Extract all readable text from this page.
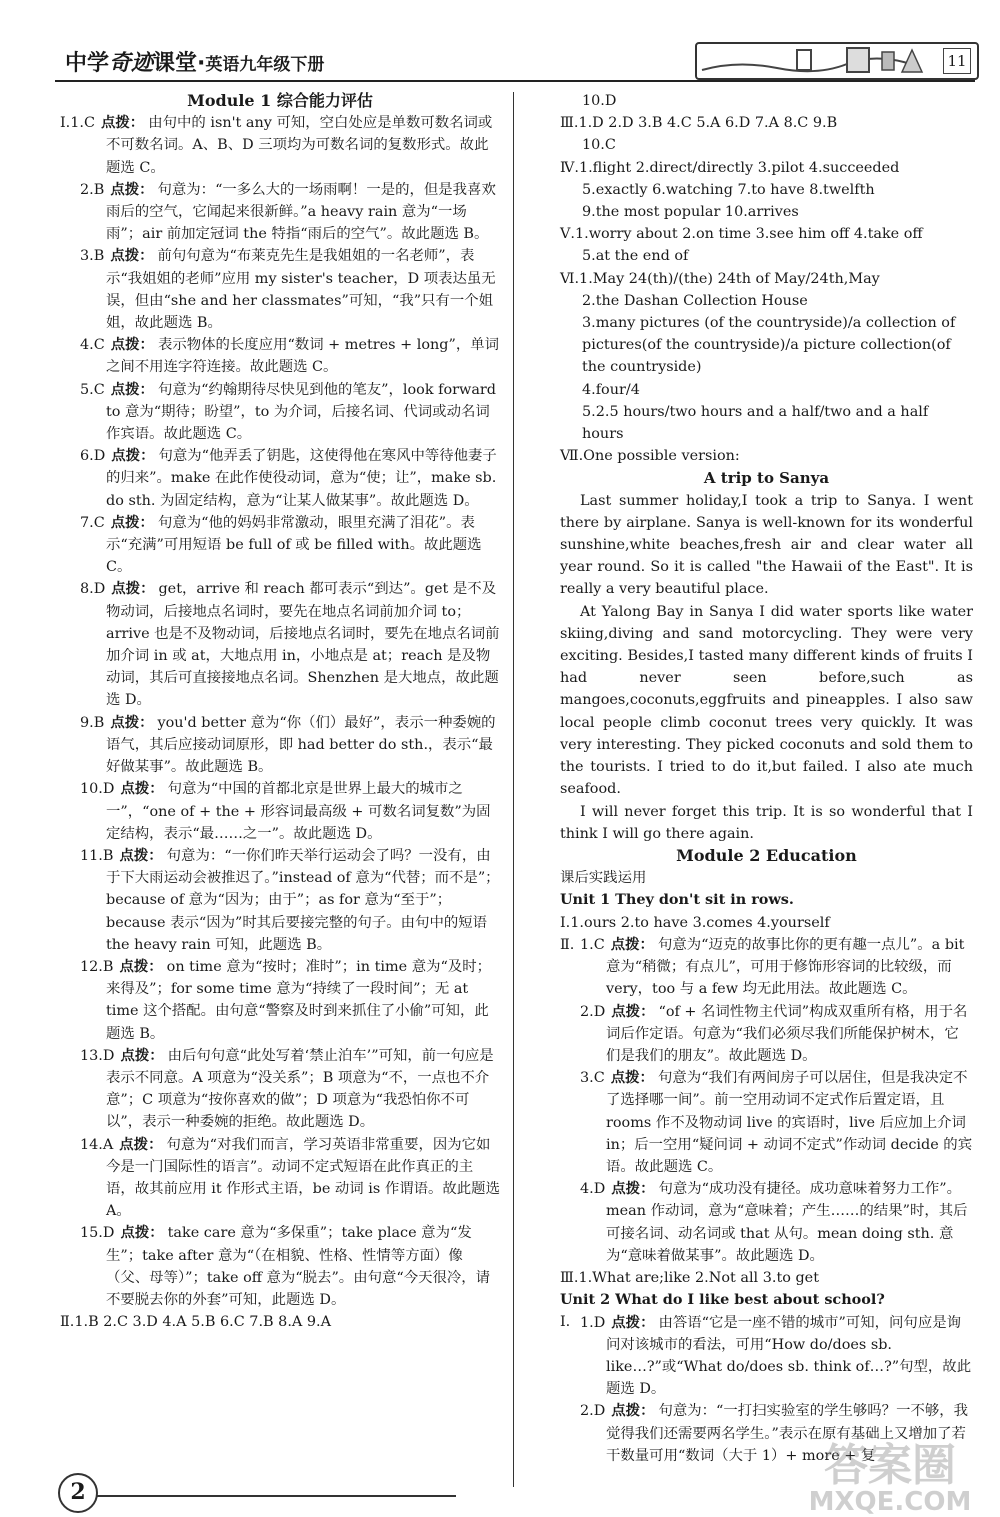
中学奇迹课堂·英语九年级下册	11
Module 1 综合能力评估
Ⅰ.1.C 点拨： 由句中的 isn't any 可知，空白处应是单数可数名词或不可数名词。A、B、D 三项均为可数名词的复数形式。故此题选 C。
2.B 点拨： 句意为：“一多么大的一场雨啊！一是的，但是我喜欢雨后的空气，它闻起来很新鲜。”a heavy rain 意为“一场雨”；air 前加定冠词 the 特指“雨后的空气”。故此题选 B。
3.B 点拨： 前句句意为“布莱克先生是我姐姐的一名老师”，表示“我姐姐的老师”应用 my sister's teacher，D 项表达虽无误，但由“she and her classmates”可知，“我”只有一个姐姐，故此题选 B。
4.C 点拨： 表示物体的长度应用“数词 + metres + long”，单词之间不用连字符连接。故此题选 C。
5.C 点拨： 句意为“约翰期待尽快见到他的笔友”，look forward to 意为“期待；盼望”，to 为介词，后接名词、代词或动名词作宾语。故此题选 C。
6.D 点拨： 句意为“他弄丢了钥匙，这使得他在寒风中等待他妻子的归来”。make 在此作使役动词，意为“使；让”，make sb. do sth. 为固定结构，意为“让某人做某事”。故此题选 D。
7.C 点拨： 句意为“他的妈妈非常激动，眼里充满了泪花”。表示“充满”可用短语 be full of 或 be filled with。故此题选 C。
8.D 点拨： get，arrive 和 reach 都可表示“到达”。get 是不及物动词，后接地点名词时，要先在地点名词前加介词 to；arrive 也是不及物动词，后接地点名词时，要先在地点名词前加介词 in 或 at，大地点用 in，小地点是 at；reach 是及物动词，其后可直接接地点名词。Shenzhen 是大地点，故此题选 D。
9.B 点拨： you'd better 意为“你（们）最好”，表示一种委婉的语气，其后应接动词原形，即 had better do sth.，表示“最好做某事”。故此题选 B。
10.D 点拨： 句意为“中国的首都北京是世界上最大的城市之一”，“one of + the + 形容词最高级 + 可数名词复数”为固定结构，表示“最……之一”。故此题选 D。
11.B 点拨： 句意为：“一你们昨天举行运动会了吗？一没有，由于下大雨运动会被推迟了。”instead of 意为“代替；而不是”；because of 意为“因为；由于”；as for 意为“至于”；because 表示“因为”时其后要接完整的句子。由句中的短语 the heavy rain 可知，此题选 B。
12.B 点拨： on time 意为“按时；准时”；in time 意为“及时；来得及”；for some time 意为“持续了一段时间”；无 at time 这个搭配。由句意“警察及时到来抓住了小偷”可知，此题选 B。
13.D 点拨： 由后句句意“此处写着‘禁止泊车’”可知，前一句应是表示不同意。A 项意为“没关系”；B 项意为“不，一点也不介意”；C 项意为“按你喜欢的做”；D 项意为“我恐怕你不可以”，表示一种委婉的拒绝。故此题选 D。
14.A 点拨： 句意为“对我们而言，学习英语非常重要，因为它如今是一门国际性的语言”。动词不定式短语在此作真正的主语，故其前应用 it 作形式主语，be 动词 is 作谓语。故此题选 A。
15.D 点拨： take care 意为“多保重”；take place 意为“发生”；take after 意为“（在相貌、性格、性情等方面）像（父、母等）”；take off 意为“脱去”。由句意“今天很冷，请不要脱去你的外套”可知，此题选 D。
Ⅱ.1.B 2.C 3.D 4.A 5.B 6.C 7.B 8.A 9.A
10.D
Ⅲ.1.D 2.D 3.B 4.C 5.A 6.D 7.A 8.C 9.B
10.C
Ⅳ.1.flight 2.direct/directly 3.pilot 4.succeeded
5.exactly 6.watching 7.to have 8.twelfth
9.the most popular 10.arrives
Ⅴ.1.worry about 2.on time 3.see him off 4.take off
5.at the end of
Ⅵ.1.May 24(th)/(the) 24th of May/24th,May
2.the Dashan Collection House
3.many pictures (of the countryside)/a collection of pictures(of the countryside)/a picture collection(of the countryside)
4.four/4
5.2.5 hours/two hours and a half/two and a half hours
Ⅶ.One possible version:
A trip to Sanya
Last summer holiday,I took a trip to Sanya. I went there by airplane. Sanya is well-known for its wonderful sunshine,white beaches,fresh air and clear water all year round. So it is called "the Hawaii of the East". It is really a very beautiful place.
At Yalong Bay in Sanya I did water sports like water skiing,diving and sand motorcycling. They were very exciting. Besides,I tasted many different kinds of fruits I had never seen before,such as mangoes,coconuts,eggfruits and pineapples. I also saw local people climb coconut trees very quickly. It was very interesting. They picked coconuts and sold them to the tourists. I tried to do it,but failed. I also ate much seafood.
I will never forget this trip. It is so wonderful that I think I will go there again.
Module 2 Education
课后实践运用
Unit 1 They don't sit in rows.
Ⅰ.1.ours 2.to have 3.comes 4.yourself
Ⅱ. 1.C 点拨： 句意为“迈克的故事比你的更有趣一点儿”。a bit 意为“稍微；有点儿”，可用于修饰形容词的比较级，而 very，too 与 a few 均无此用法。故此题选 C。
2.D 点拨： “of + 名词性物主代词”构成双重所有格，用于名词后作定语。句意为“我们必须尽我们所能保护树木，它们是我们的朋友”。故此题选 D。
3.C 点拨： 句意为“我们有两间房子可以居住，但是我决定不了选择哪一间”。前一空用动词不定式作后置定语，且 rooms 作不及物动词 live 的宾语时，live 后应加上介词 in；后一空用“疑问词 + 动词不定式”作动词 decide 的宾语。故此题选 C。
4.D 点拨： 句意为“成功没有捷径。成功意味着努力工作”。mean 作动词，意为“意味着；产生……的结果”时，其后可接名词、动名词或 that 从句。mean doing sth. 意为“意味着做某事”。故此题选 D。
Ⅲ.1.What are;like 2.Not all 3.to get
Unit 2 What do I like best about school?
Ⅰ. 1.D 点拨： 由答语“它是一座不错的城市”可知，问句应是询问对该城市的看法，可用“How do/does sb. like…?”或“What do/does sb. think of…?”句型，故此题选 D。
2.D 点拨： 句意为：“一打扫实验室的学生够吗？一不够，我觉得我们还需要两名学生。”表示在原有基础上又增加了若干数量可用“数词（大于 1）+ more + 复
2
答案圈
MXQE.COM
